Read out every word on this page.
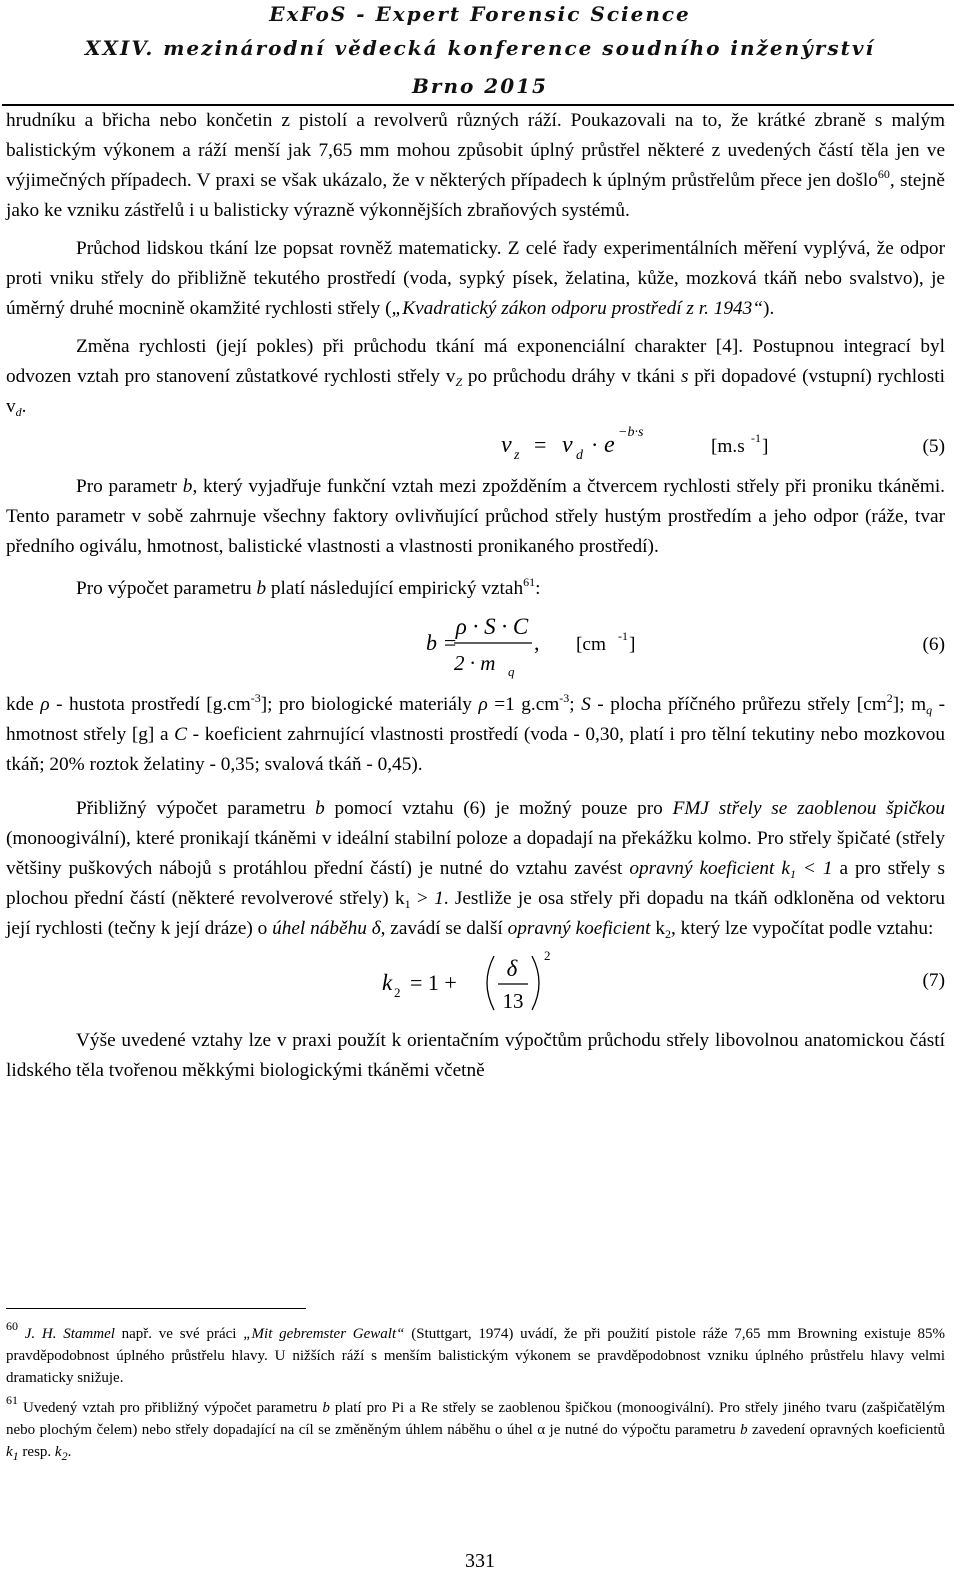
ExFoS - Expert Forensic Science
XXIV. mezinárodní vědecká konference soudního inženýrství
Brno 2015

hrudníku a břicha nebo končetin z pistolí a revolverů různých ráží. Poukazovali na to, že krátké zbraně s malým balistickým výkonem a ráží menší jak 7,65 mm mohou způsobit úplný průstřel některé z uvedených částí těla jen ve výjimečných případech. V praxi se však ukázalo, že v některých případech k úplným průstřelům přece jen došlo$^{60}$, stejně jako ke vzniku zástřelů i u balisticky výrazně výkonnějších zbraňových systémů.

Průchod lidskou tkání lze popsat rovněž matematicky. Z celé řady experimentálních měření vyplývá, že odpor proti vniku střely do přibližně tekutého prostředí (voda, sypký písek, želatina, kůže, mozková tkáň nebo svalstvo), je úměrný druhé mocnině okamžité rychlosti střely („Kvadratický zákon odporu prostředí z r. 1943“).

Změna rychlosti (její pokles) při průchodu tkání má exponenciální charakter [4]. Postupnou integrací byl odvozen vztah pro stanovení zůstatkové rychlosti střely $v_Z$ po průchodu dráhy v tkáni s při dopadové (vstupní) rychlosti $v_d$.

v z = v d · e −b·s
[m.s -1 ]	(5)

Pro parametr b, který vyjadřuje funkční vztah mezi zpožděním a čtvercem rychlosti střely při proniku tkáněmi. Tento parametr v sobě zahrnuje všechny faktory ovlivňující průchod střely hustým prostředím a jeho odpor (ráže, tvar předního ogiválu, hmotnost, balistické vlastnosti a vlastnosti pronikaného prostředí).

Pro výpočet parametru b platí následující empirický vztah$^{61}$:

b =
ρ · S · C
2 · m q
, [cm -1 ]	(6)

kde ρ - hustota prostředí $[g.cm^{-3}]$; pro biologické materiály ρ =1 $g.cm^{-3}$; S - plocha příčného průřezu střely $[cm^2]$; $m_q$ - hmotnost střely [g] a C - koeficient zahrnující vlastnosti prostředí (voda - 0,30, platí i pro tělní tekutiny nebo mozkovou tkáň; 20% roztok želatiny - 0,35; svalová tkáň - 0,45).

Přibližný výpočet parametru b pomocí vztahu (6) je možný pouze pro FMJ střely se zaoblenou špičkou (monoogivální), které pronikají tkáněmi v ideální stabilní poloze a dopadají na překážku kolmo. Pro střely špičaté (střely většiny puškových nábojů s protáhlou přední částí) je nutné do vztahu zavést opravný koeficient $k_1 < 1$ a pro střely s plochou přední částí (některé revolverové střely) $k_1 > 1$. Jestliže je osa střely při dopadu na tkáň odkloněna od vektoru její rychlosti (tečny k její dráze) o úhel náběhu δ, zavádí se další opravný koeficient $k_2$, který lze vypočítat podle vztahu:

k 2 = 1 +
δ
13
2
(7)

Výše uvedené vztahy lze v praxi použít k orientačním výpočtům průchodu střely libovolnou anatomickou částí lidského těla tvořenou měkkými biologickými tkáněmi včetně

$^{60}$ J. H. Stammel např. ve své práci „Mit gebremster Gewalt“ (Stuttgart, 1974) uvádí, že při použití pistole ráže 7,65 mm Browning existuje 85% pravděpodobnost úplného průstřelu hlavy. U nižších ráží s menším balistickým výkonem se pravděpodobnost vzniku úplného průstřelu hlavy velmi dramaticky snižuje.

$^{61}$ Uvedený vztah pro přibližný výpočet parametru b platí pro Pi a Re střely se zaoblenou špičkou (monoogivální). Pro střely jiného tvaru (zašpičatělým nebo plochým čelem) nebo střely dopadající na cíl se změněným úhlem náběhu o úhel α je nutné do výpočtu parametru b zavedení opravných koeficientů $k_1$ resp. $k_2$.

331
